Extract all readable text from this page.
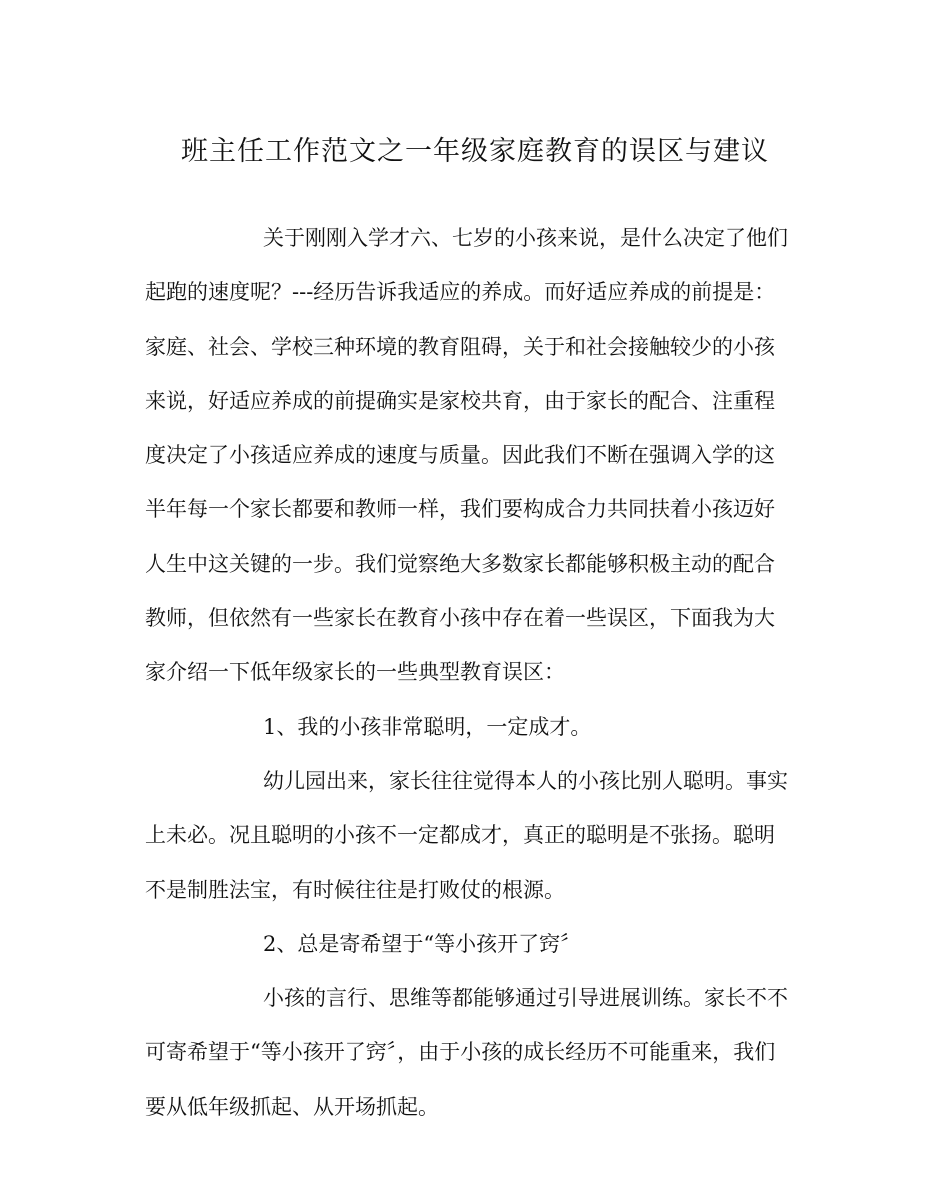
班主任工作范文之一年级家庭教育的误区与建议
关于刚刚入学才六、七岁的小孩来说，是什么决定了他们
起跑的速度呢？---经历告诉我适应的养成。而好适应养成的前提是：
家庭、社会、学校三种环境的教育阻碍，关于和社会接触较少的小孩
来说，好适应养成的前提确实是家校共育，由于家长的配合、注重程
度决定了小孩适应养成的速度与质量。因此我们不断在强调入学的这
半年每一个家长都要和教师一样，我们要构成合力共同扶着小孩迈好
人生中这关键的一步。我们觉察绝大多数家长都能够积极主动的配合
教师，但依然有一些家长在教育小孩中存在着一些误区，下面我为大
家介绍一下低年级家长的一些典型教育误区：
1、我的小孩非常聪明，一定成才。
幼儿园出来，家长往往觉得本人的小孩比别人聪明。事实
上未必。况且聪明的小孩不一定都成才，真正的聪明是不张扬。聪明
不是制胜法宝，有时候往往是打败仗的根源。
2、总是寄希望于“等小孩开了窍〞
小孩的言行、思维等都能够通过引导进展训练。家长不不
可寄希望于“等小孩开了窍〞，由于小孩的成长经历不可能重来，我们
要从低年级抓起、从开场抓起。
